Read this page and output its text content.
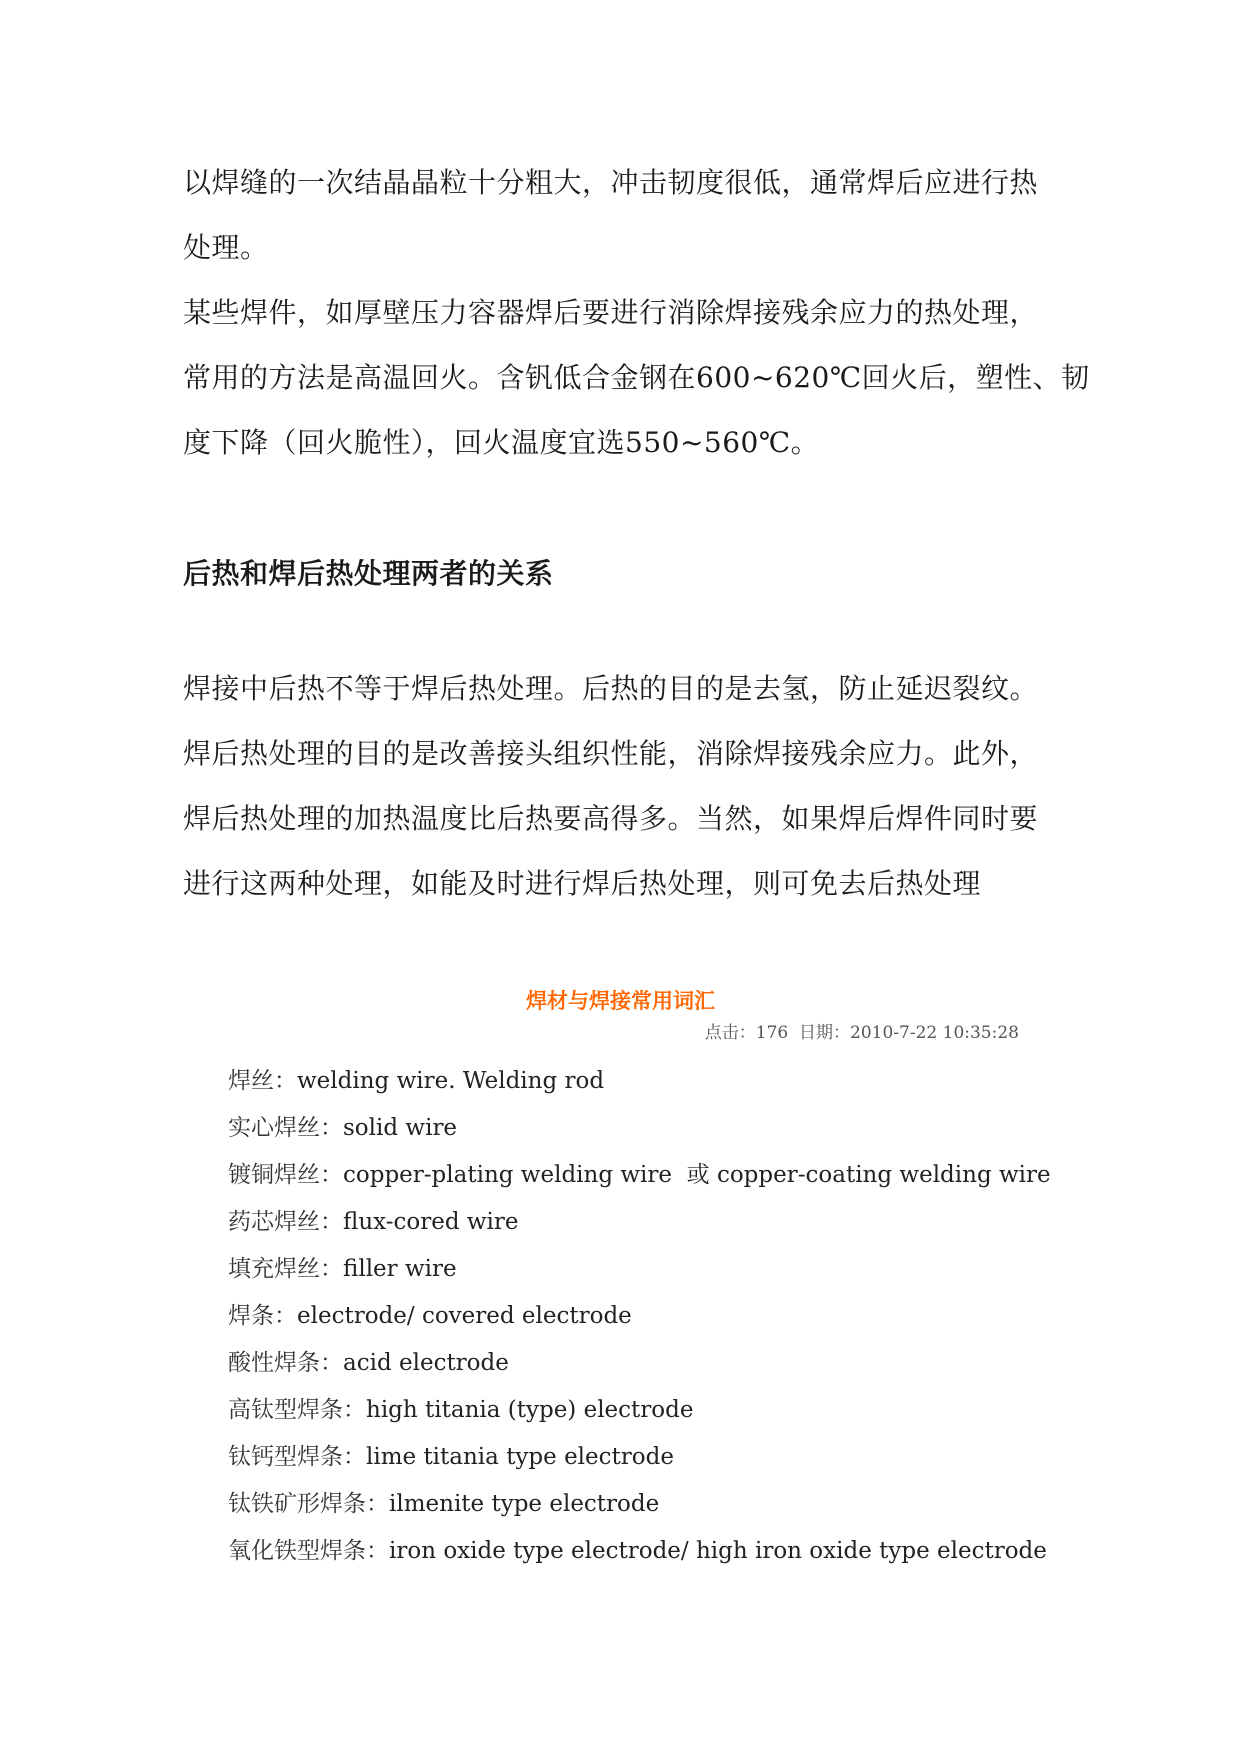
以焊缝的一次结晶晶粒十分粗大，冲击韧度很低，通常焊后应进行热
处理。
某些焊件，如厚壁压力容器焊后要进行消除焊接残余应力的热处理，
常用的方法是高温回火。含钒低合金钢在600~620℃回火后，塑性、韧
度下降（回火脆性），回火温度宜选550~560℃。

后热和焊后热处理两者的关系

焊接中后热不等于焊后热处理。后热的目的是去氢，防止延迟裂纹。
焊后热处理的目的是改善接头组织性能，消除焊接残余应力。此外，
焊后热处理的加热温度比后热要高得多。当然，如果焊后焊件同时要
进行这两种处理，如能及时进行焊后热处理，则可免去后热处理

焊材与焊接常用词汇
点击：176 日期：2010-7-22 10:35:28
焊丝：welding wire. Welding rod
实心焊丝：solid wire
镀铜焊丝：copper-plating welding wire  或 copper-coating welding wire
药芯焊丝：flux-cored wire
填充焊丝：filler wire
焊条：electrode/ covered electrode
酸性焊条：acid electrode
高钛型焊条：high titania (type) electrode
钛钙型焊条：lime titania type electrode
钛铁矿形焊条：ilmenite type electrode
氧化铁型焊条：iron oxide type electrode/ high iron oxide type electrode
